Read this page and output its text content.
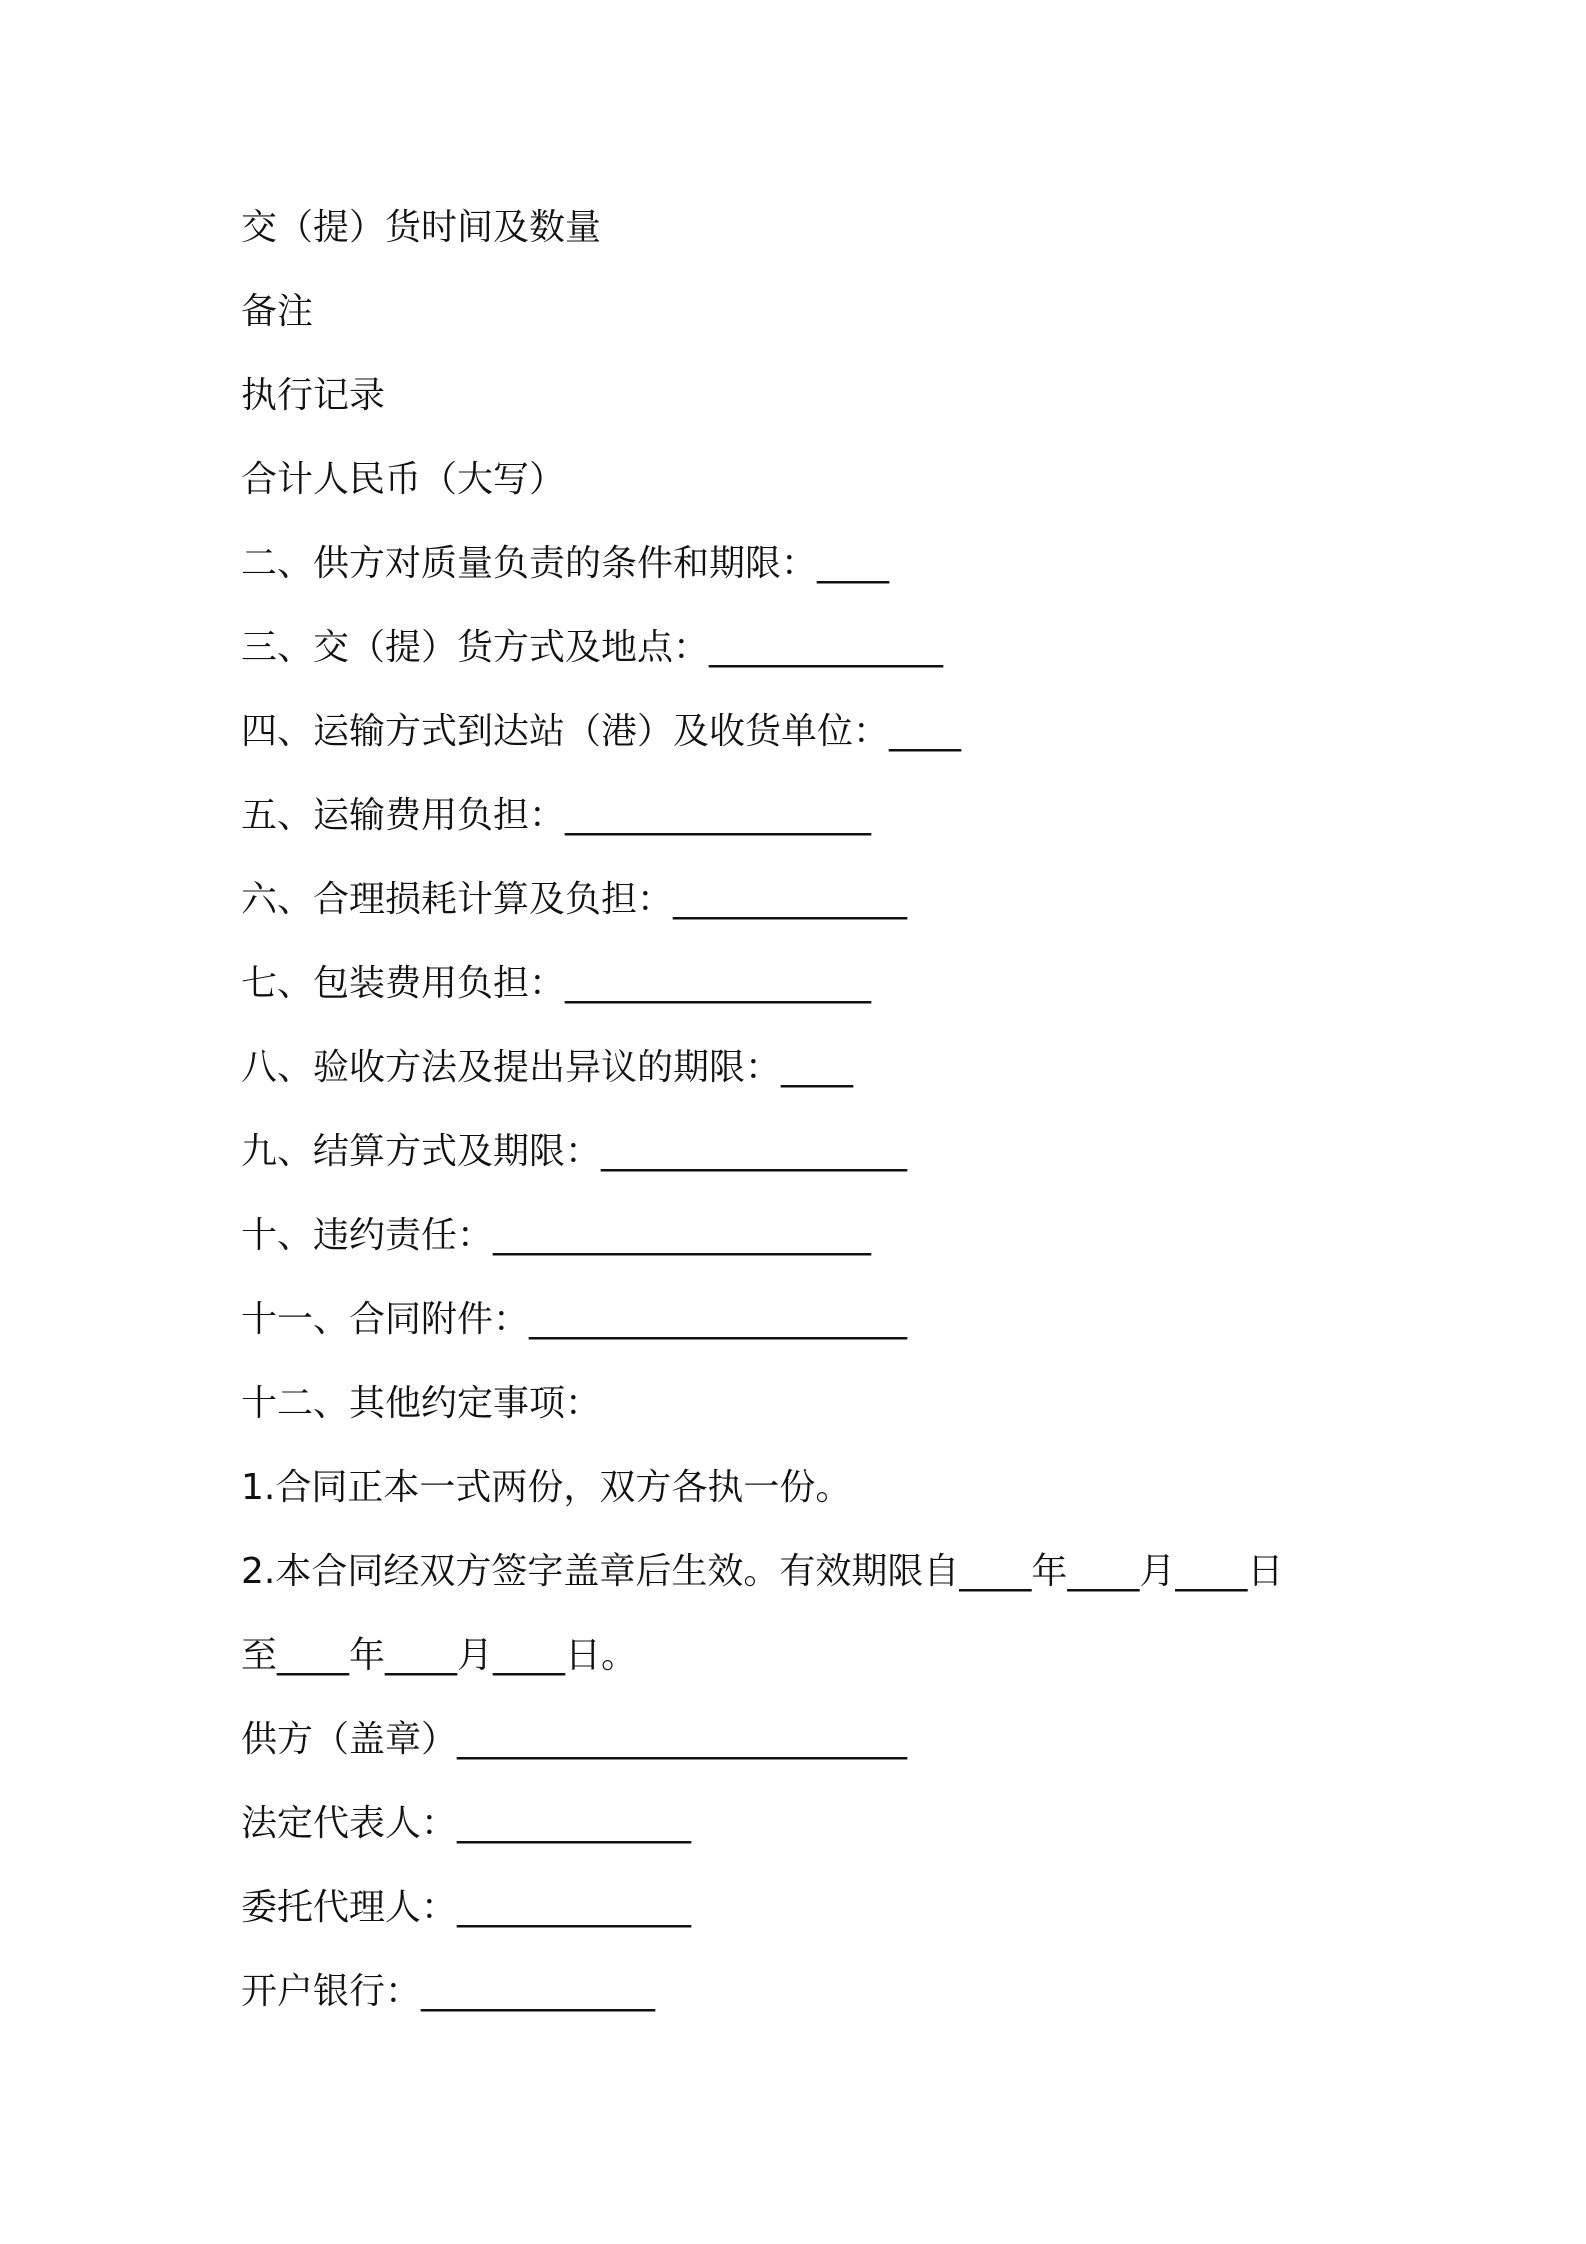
交（提）货时间及数量
备注
执行记录
合计人民币（大写）
二、供方对质量负责的条件和期限：____
三、交（提）货方式及地点：_____________
四、运输方式到达站（港）及收货单位：____
五、运输费用负担：_________________
六、合理损耗计算及负担：_____________
七、包装费用负担：_________________
八、验收方法及提出异议的期限：____
九、结算方式及期限：_________________
十、违约责任：_____________________
十一、合同附件：_____________________
十二、其他约定事项：
1.合同正本一式两份，双方各执一份。
2.本合同经双方签字盖章后生效。有效期限自____年____月____日
至____年____月____日。
供方（盖章）_________________________
法定代表人：_____________
委托代理人：_____________
开户银行：_____________
